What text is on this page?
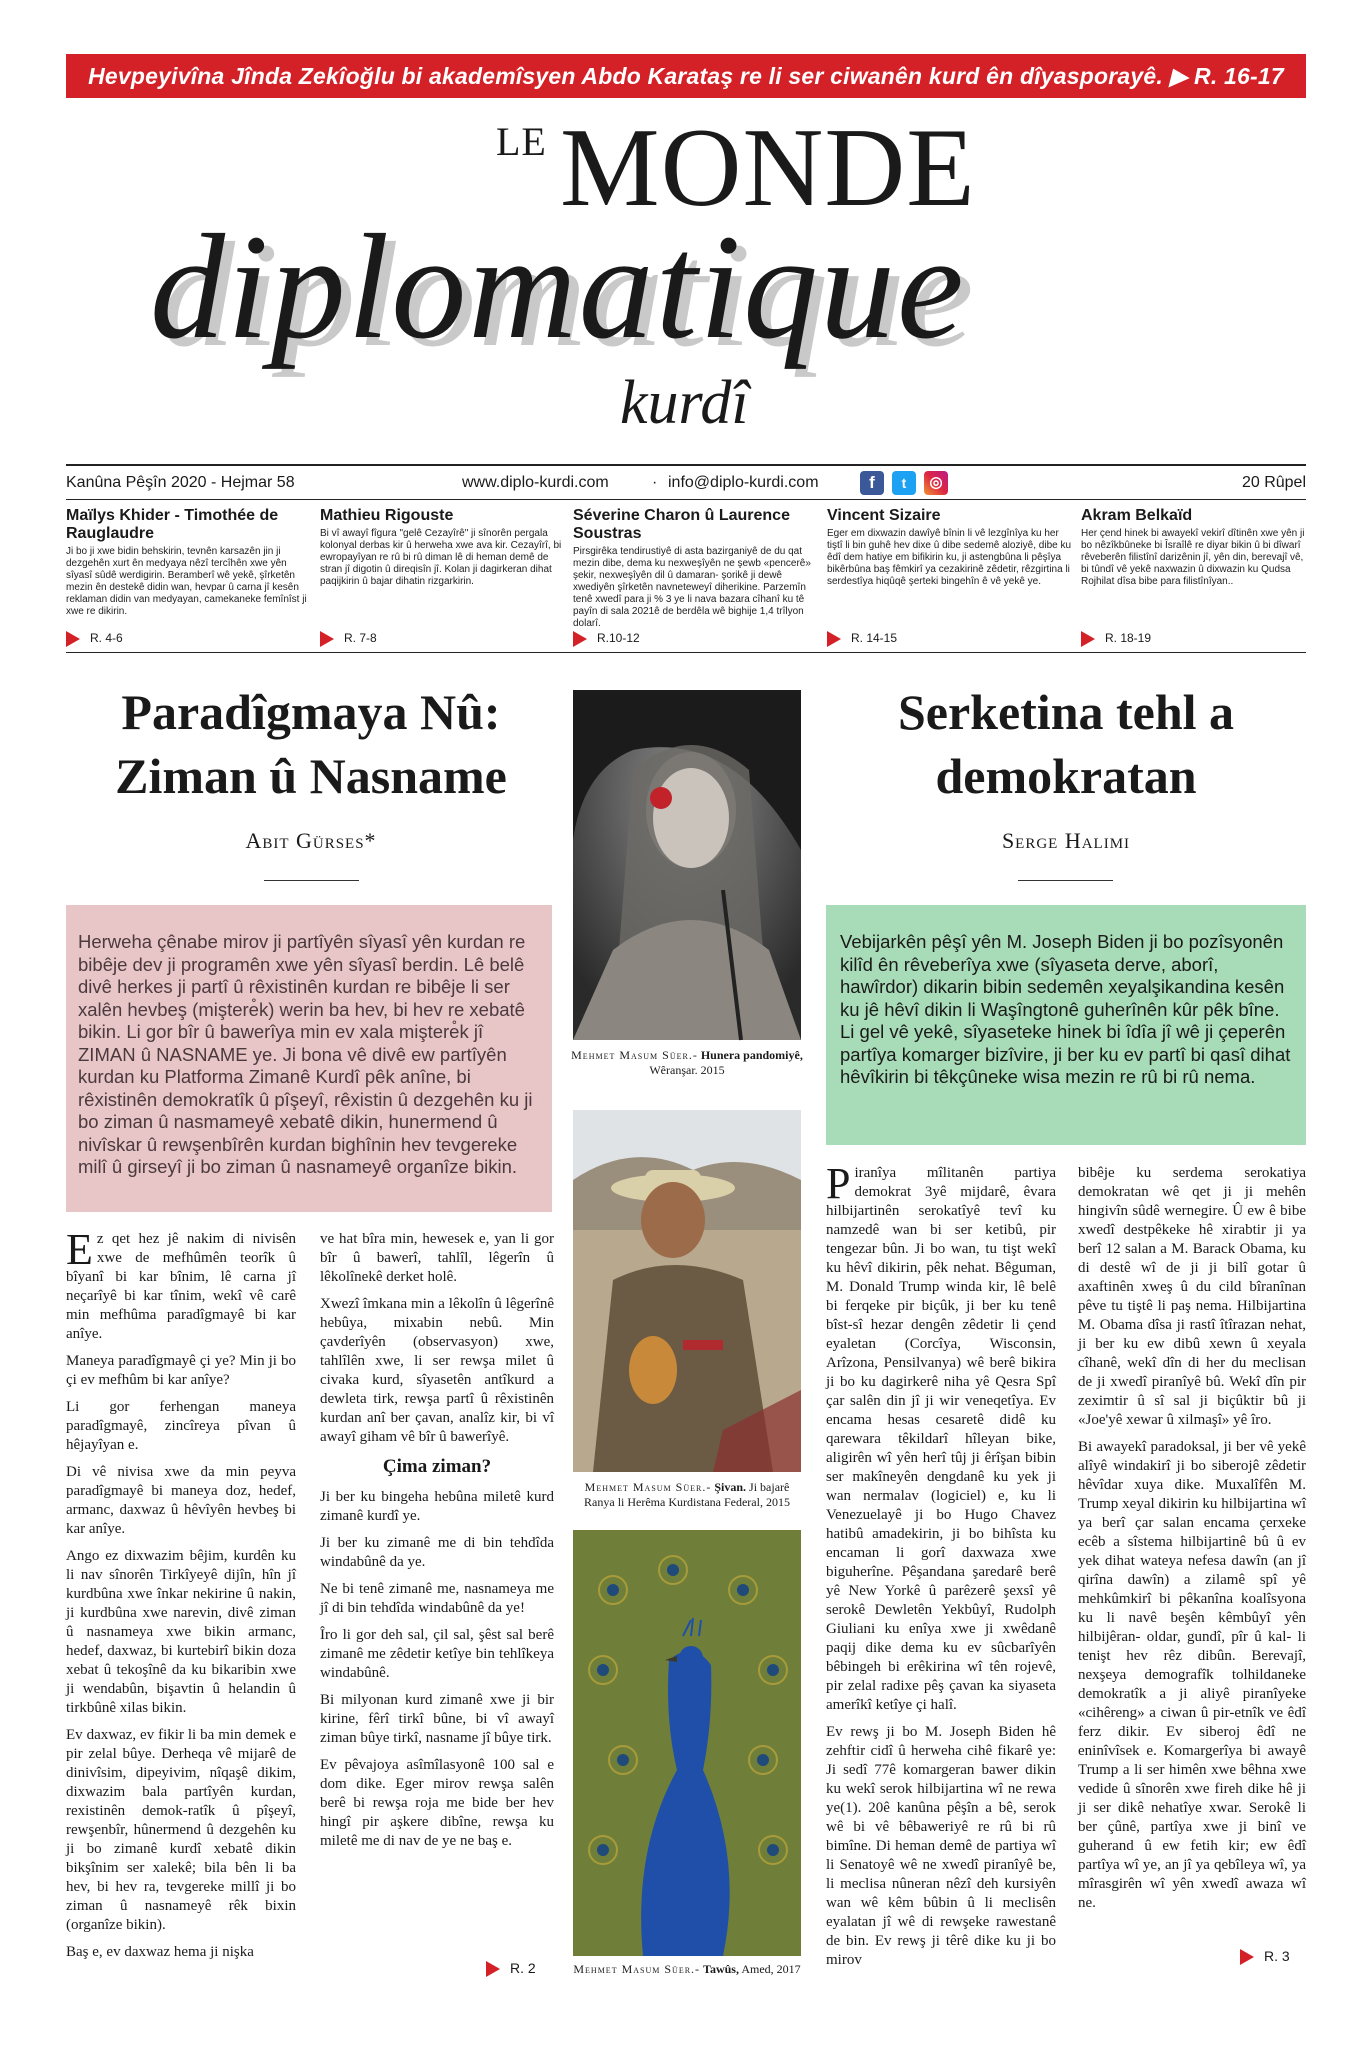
Hevpeyivîna Jînda Zekîoğlu bi akademîsyen Abdo Karataş re li ser ciwanên kurd ên dîyasporayê. ▶ R. 16-17
LE MONDE
diplomatique
kurdî
Kanûna Pêşîn 2020 - Hejmar 58	www.diplo-kurdi.com	· info@diplo-kurdi.com	f t ◎	20 Rûpel
Maïlys Khider - Timothée de Rauglaudre
Ji bo ji xwe bidin behskirin, tevnên karsazên jin ji dezgehên xurt ên medyaya nêzî tercîhên xwe yên sîyasî sûdê werdigirin. Beramberî wê yekê, şîrketên mezin ên destekê didin wan, hevpar û carna jî kesên reklaman didin van medyayan, camekaneke femînîst ji xwe re dikirin.
Mathieu Rigouste
Bi vî awayî fîgura "gelê Cezayîrê" ji sînorên pergala kolonyal derbas kir û herweha xwe ava kir. Cezayîrî, bi ewropayîyan re rû bi rû diman lê di heman demê de stran jî digotin û direqisîn jî. Kolan ji dagirkeran dihat paqijkirin û bajar dihatin rizgarkirin.
Séverine Charon û Laurence Soustras
Pirsgirêka tendirustiyê di asta bazirganiyê de du qat mezin dibe, dema ku nexweşîyên ne şewb «pencerê» şekir, nexweşîyên dil û damaran- şorikê ji dewê xwediyên şîrketên navneteweyî diherikine. Parzemîn tenê xwedî para ji % 3 ye li nava bazara cîhanî ku tê payîn di sala 2021ê de berdêla wê bighije 1,4 trîlyon dolarî.
Vincent Sizaire
Eger em dixwazin dawîyê bînin li vê lezgînîya ku her tiştî li bin guhê hev dixe û dibe sedemê aloziyê, dibe ku êdî dem hatiye em bifikirin ku, ji astengbûna li pêşîya bikêrbûna baş fêmkirî ya cezakirinê zêdetir, rêzgirtina li serdestîya hiqûqê şerteki bingehîn ê vê yekê ye.
Akram Belkaïd
Her çend hinek bi awayekî vekirî dîtinên xwe yên ji bo nêzîkbûneke bi Îsraîlê re diyar bikin û bi dîwarî rêveberên filistînî darizênin jî, yên din, berevajî vê, bi tûndî vê yekê naxwazin û dixwazin ku Qudsa Rojhilat dîsa bibe para filistînîyan..
R. 4-6	R. 7-8	R.10-12	R. 14-15	R. 18-19
Paradîgmaya Nû:
Ziman û Nasname
Abit Gürses*
Herweha çênabe mirov ji partîyên sîyasî yên kurdan re bibêje dev ji programên xwe yên sîyasî berdin. Lê belê divê herkes ji partî û rêxistinên kurdan re bibêje li ser xalên hevbeş (miştere̊k) werin ba hev, bi hev re xebatê bikin. Li gor bîr û bawerîya min ev xala miştere̊k jî ZIMAN û NASNAME ye. Ji bona vê divê ew partîyên kurdan ku Platforma Zimanê Kurdî pêk anîne, bi rêxistinên demokratîk û pîşeyî, rêxistin û dezgehên ku ji bo ziman û nasmameyê xebatê dikin, hunermend û nivîskar û rewşenbîrên kurdan bighînin hev tevgereke milî û girseyî ji bo ziman û nasnameyê organîze bikin.

Ez qet hez jê nakim di nivisên xwe de mefhûmên teorîk û bîyanî bi kar bînim, lê carna jî neçarîyê bi kar tînim, wekî vê carê min mefhûma paradîgmayê bi kar anîye.

Maneya paradîgmayê çi ye? Min ji bo çi ev mefhûm bi kar anîye?

Li gor ferhengan maneya paradîgmayê, zincîreya pîvan û hêjayîyan e.

Di vê nivisa xwe da min peyva paradîgmayê bi maneya doz, hedef, armanc, daxwaz û hêvîyên hevbeş bi kar anîye.

Ango ez dixwazim bêjim, kurdên ku li nav sînorên Tirkîyeyê dijîn, hîn jî kurdbûna xwe înkar nekirine û nakin, ji kurdbûna xwe narevin, divê ziman û nasnameya xwe bikin armanc, hedef, daxwaz, bi kurtebirî bikin doza xebat û tekoşînê da ku bikaribin xwe ji wendabûn, bişavtin û helandin û tirkbûnê xilas bikin.

Ev daxwaz, ev fikir li ba min demek e pir zelal bûye. Derheqa vê mijarê de dinivîsim, dipeyivim, nîqaşê dikim, dixwazim bala partîyên kurdan, rexistinên demok-ratîk û pîşeyî, rewşenbîr, hûnermend û dezgehên ku ji bo zimanê kurdî xebatê dikin bikşînim ser xalekê; bila bên li ba hev, bi hev ra, tevgereke millî ji bo ziman û nasnameyê rêk bixin (organîze bikin).

Baş e, ev daxwaz hema ji nişka

ve hat bîra min, hewesek e, yan li gor bîr û bawerî, tahlîl, lêgerîn û lêkolînekê derket holê.

Xwezî îmkana min a lêkolîn û lêgerînê hebûya, mixabin nebû. Min çavderîyên (observasyon) xwe, tahlîlên xwe, li ser rewşa milet û civaka kurd, sîyasetên antîkurd a dewleta tirk, rewşa partî û rêxistinên kurdan anî ber çavan, analîz kir, bi vî awayî giham vê bîr û bawerîyê.

Çima ziman?

Ji ber ku bingeha hebûna miletê kurd zimanê kurdî ye.

Ji ber ku zimanê me di bin tehdîda windabûnê da ye.

Ne bi tenê zimanê me, nasnameya me jî di bin tehdîda windabûnê da ye!

Îro li gor deh sal, çil sal, şêst sal berê zimanê me zêdetir ketîye bin tehlîkeya windabûnê.

Bi milyonan kurd zimanê xwe ji bir kirine, fêrî tirkî bûne, bi vî awayî ziman bûye tirkî, nasname jî bûye tirk.

Ev pêvajoya asîmîlasyonê 100 sal e dom dike. Eger mirov rewşa salên berê bi rewşa roja me bide ber hev hingî pir aşkere dibîne, rewşa ku miletê me di nav de ye ne baş e.

R. 2
Mehmet Masum Süer.- Hunera pandomiyê, Wêranşar. 2015
Mehmet Masum Süer.- Şivan. Ji bajarê Ranya li Herêma Kurdistana Federal, 2015
Mehmet Masum Süer.- Tawûs, Amed, 2017
Serketina tehl a
demokratan
Serge Halimi
Vebijarkên pêşî yên M. Joseph Biden ji bo pozîsyonên kilîd ên rêveberîya xwe (sîyaseta derve, aborî, hawîrdor) dikarin bibin sedemên xeyalşikandina kesên ku jê hêvî dikin li Waşîngtonê guherînên kûr pêk bîne. Li gel vê yekê, sîyaseteke hinek bi îdîa jî wê ji çeperên partîya komarger bizîvire, ji ber ku ev partî bi qasî dihat hêvîkirin bi têkçûneke wisa mezin re rû bi rû nema.

Piranîya mîlitanên partiya demokrat 3yê mijdarê, êvara hilbijartinên serokatîyê tevî ku namzedê wan bi ser ketibû, pir tengezar bûn. Ji bo wan, tu tişt wekî ku hêvî dikirin, pêk nehat. Bêguman, M. Donald Trump winda kir, lê belê bi ferqeke pir biçûk, ji ber ku tenê bîst-sî hezar dengên zêdetir li çend eyaletan (Corcîya, Wisconsin, Arîzona, Pensilvanya) wê berê bikira ji bo ku dagirkerê niha yê Qesra Spî çar salên din jî ji wir veneqetîya. Ev encama hesas cesaretê didê ku qarewara têkildarî hîleyan bike, aligirên wî yên herî tûj ji êrîşan bibin ser makîneyên dengdanê ku yek ji wan nermalav (logiciel) e, ku li Venezuelayê ji bo Hugo Chavez hatibû amadekirin, ji bo bihîsta ku encaman li gorî daxwaza xwe biguherîne. Pêşandana şaredarê berê yê New Yorkê û parêzerê şexsî yê serokê Dewletên Yekbûyî, Rudolph Giuliani ku enîya xwe ji xwêdanê paqij dike dema ku ev sûcbarîyên bêbingeh bi erêkirina wî tên rojevê, pir zelal radixe pêş çavan ka siyaseta amerîkî ketîye çi halî.

Ev rewş ji bo M. Joseph Biden hê zehftir cidî û herweha cihê fikarê ye: Ji sedî 77ê komargeran bawer dikin ku wekî serok hilbijartina wî ne rewa ye(1). 20ê kanûna pêşîn a bê, serok wê bi vê bêbaweriyê re rû bi rû bimîne. Di heman demê de partiya wî li Senatoyê wê ne xwedî piranîyê be, li meclisa nûneran nêzî deh kursiyên wan wê kêm bûbin û li meclisên eyalatan jî wê di rewşeke rawestanê de bin. Ev rewş ji têrê dike ku ji bo mirov

bibêje ku serdema serokatiya demokratan wê qet ji ji mehên hingivîn sûdê wernegire. Û ew ê bibe xwedî destpêkeke hê xirabtir ji ya berî 12 salan a M. Barack Obama, ku di destê wî de ji ji bilî gotar û axaftinên xweş û du cild bîranînan pêve tu tiştê li paş nema. Hilbijartina M. Obama dîsa ji rastî îtîrazan nehat, ji ber ku ew dibû xewn û xeyala cîhanê, wekî dîn di her du meclisan de ji xwedî piranîyê bû. Wekî dîn pir zeximtir û sî sal ji biçûktir bû ji «Joe'yê xewar û xilmaşî» yê îro.

Bi awayekî paradoksal, ji ber vê yekê alîyê windakirî ji bo siberojê zêdetir hêvîdar xuya dike. Muxalîfên M. Trump xeyal dikirin ku hilbijartina wî ya berî çar salan encama çerxeke ecêb a sîstema hilbijartinê bû û ev yek dihat wateya nefesa dawîn (an jî qirîna dawîn) a zilamê spî yê mehkûmkirî bi pêkanîna koalîsyona ku li navê beşên kêmbûyî yên hilbijêran- oldar, gundî, pîr û kal- li tenişt hev rêz dibûn. Berevajî, nexşeya demografîk tolhildaneke demokratîk a ji aliyê piranîyeke «cihêreng» a ciwan û pir-etnîk ve êdî ferz dikir. Ev siberoj êdî ne eninîvîsek e. Komargerîya bi awayê Trump a li ser himên xwe bêhna xwe vedide û sînorên xwe fireh dike hê ji ji ser dikê nehatîye xwar. Serokê li ber çûnê, partîya xwe ji binî ve guherand û ew fetih kir; ew êdî partîya wî ye, an jî ya qebîleya wî, ya mîrasgirên wî yên xwedî awaza wî ne.

R. 3
